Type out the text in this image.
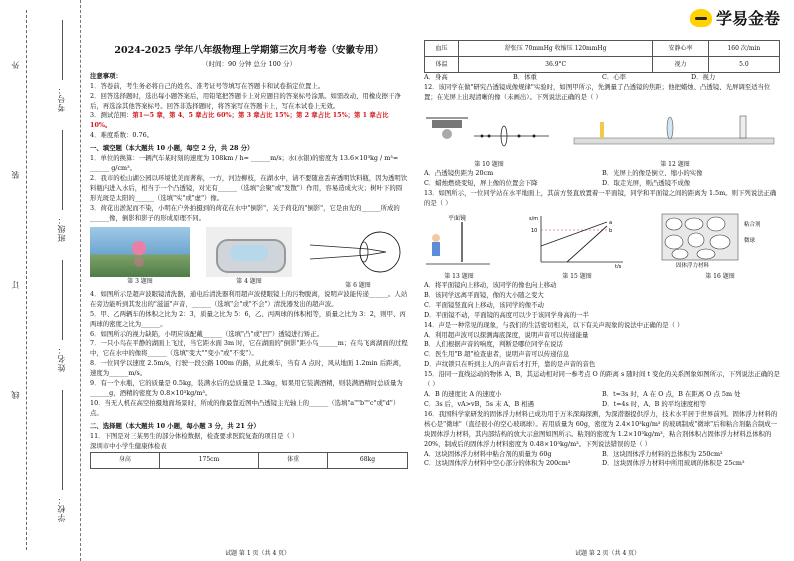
外
装
订
线
学校：
姓名：
班级：
考号：
学易金卷
2024-2025 学年八年级物理上学期第三次月考卷（安徽专用）
（时间：90 分钟 总分 100 分）

注意事项：

1．答卷前，考生务必将自己的姓名、准考证号等填写在答题卡和试卷指定位置上。

2．回答选择题时，选出每小题答案后，用铅笔把答题卡上对应题目的答案标号涂黑。如需改动，用橡皮擦干净后，再选涂其他答案标号。回答非选择题时，将答案写在答题卡上，写在本试卷上无效。

3．测试范围：第1—5 章，第 4、5 章占比 60%；第 3 章占比 15%；第 2 章占比 15%；第 1 章占比 10%。

4．难度系数：0.76。

一、填空题（本大题共 10 小题，每空 2 分，共 28 分）

1．单位的换算：一辆汽车某时刻的速度为 108km / h= ______m/s；水(水银)的密度为 13.6×10³kg / m³= ______ g/cm³。

2．我市的松山湖公园以环境优美而著称，一方，河边柳枝，在湖水中，请不要随意丢弃透明饮料瓶，因为透明饮料瓶内进入水后，相当于一个凸透镜，对光有______（选填"会聚"或"发散"）作用，容易造成火灾；树叶下的圆形光斑是太阳的______（选填"实"或"虚"）像。

3．荷花出淤泥而不染，小明在户外拍摄到的荷花在水中"倒影"，关于荷花的"倒影"，它是由光的______所成的______像，倒影和影子的形成原理不同。

第 3 题图	第 4 题图
第 6 题图

4．如图所示是超声波眼镜清洗器，通电后清洗器利用超声波使眼镜上的污物脱离，说明声波能传递______。人站在旁边能听到其发出的"滋滋"声音，______（选填"会"或"不会"）清洗器发出的超声波。

5．甲、乙两辆车的体积之比为 2：3，质量之比为 5：6，乙、丙两球的体积相等，质量之比为 3：2，则甲、丙两球的密度之比为______。

6．如图所示的视力缺陷，小明应该配戴______（选填"凸"或"凹"）透镜进行矫正。

7．一只小鸟在平静的湖面上飞过，当它距水面 3m 时，它在湖面的"倒影"距小鸟______m；在鸟飞离湖面的过程中，它在水中的像将______（选填"变大""变小"或"不变"）。

8．一位同学以速度 2.5m/s，行驶一段公路 100m 的路，从此乘车，当有 A 点时，风从地面 1.2min 后距离，速度为______m/s。

9．有一个水瓶，它的质量是 0.5kg，装满水后的总质量是 1.3kg，如果用它装满酒精，则装满酒精时总质量为______g，酒精的密度为 0.8×10³kg/m³。

10．当无人机在高空拍摄地面场景时，所成的像最靠近图中凸透镜主光轴上的______（选填"a""b""c"或"d"）点。

二、选择题（本大题共 10 小题，每小题 3 分，共 21 分）

11．下图是对三某男生的部分体检数据，检查要求医院复查的项目是（ ）

深圳市中小学生健康体检表

身高	175cm	体重	68kg
试题 第 1 页（共 4 页）
血压	舒张压 70mmHg 收缩压 120mmHg	安静心率	160 次/min
体温	36.9°C	视力	5.0
A．身高	B．体重	C．心率	D．视力

12．该同学在做"研究凸透镜成像规律"实验时，如图甲所示，先测量了凸透镜的焦距；他把蜡烛、凸透镜、光屏调至适当位置；在光屏上出现清晰的像（未画出）。下列说法正确的是（ ）

第 10 题图	第 12 题图
A．凸透镜焦距为 20cm	B．光屏上的像是倒立、缩小的实像
C．蜡烛燃烧变短，屏上像的位置会下降	D．取走光屏，则凸透镜不成像

13．如图所示，一位同学站在水平地面上，其前方竖直放置着一平面镜，同学和平面镜之间的距离为 1.5m。则下列说法正确的是（ ）

平面镜
第 13 题图
s/m
t/s
10
a
b
第 15 题图
粘合剂
微球
固体浮力材料
第 16 题图

A．将平面镜向上移动，该同学的像也向上移动

B．该同学远离平面镜，像的大小随之变大

C．平面镜竖直向上移动，该同学的像不动

D．平面镜不动，平面镜的高度可以少于该同学身高的一半

14．声是一种常见的现象，与我们的生活密切相关，以下有关声现象的说法中正确的是（ ）

A．利用超声波可以探测海底深度，说明声音可以传递能量

B．人们根据声音的响度，判断是哪位同学在说话

C．医生用"B 超"检查患者，说明声音可以传递信息

D．声纹锁只在听到主人的声音后才打开，靠的是声音的音色

15．沿同一直线运动的物体 A、B，其运动相对同一参考点 O 的距离 s 随时间 t 变化的关系图象如图所示，下列说法正确的是（ ）

A．B 的速度比 A 的速度小	B．t=3s 时，A 在 O 点，B 在距离 O 点 5m 处
C．3s 后，vA>vB，5s 末 A、B 相遇	D．t=4s 时，A、B 的平均速度相等

16．我国科学家研发的固体浮力材料已成功用于万米深海探测，为深潜器提供浮力，技术水平居于世界前列。固体浮力材料的核心是"微球"（直径很小的空心玻璃球）。若用质量为 60g，密度为 2.4×10³kg/m³ 的玻璃制成"微球"后和粘合剂黏合制成一块固体浮力材料，其内部结构的放大示意图如图所示。粘剂的密度为 1.2×10³kg/m³，粘合剂体积占固体浮力材料总体积的 20%，制成后的固体浮力材料密度为 0.48×10³kg/m³。下列说法错误的是（ ）

A．这块固体浮力材料中粘合剂的质量为 60g	B．这块固体浮力材料的总体积为 250cm³
C．这块固体浮力材料中空心部分的体积为 200cm³	D．这块固体浮力材料中所用玻璃的体积是 25cm³
试题 第 2 页（共 4 页）
